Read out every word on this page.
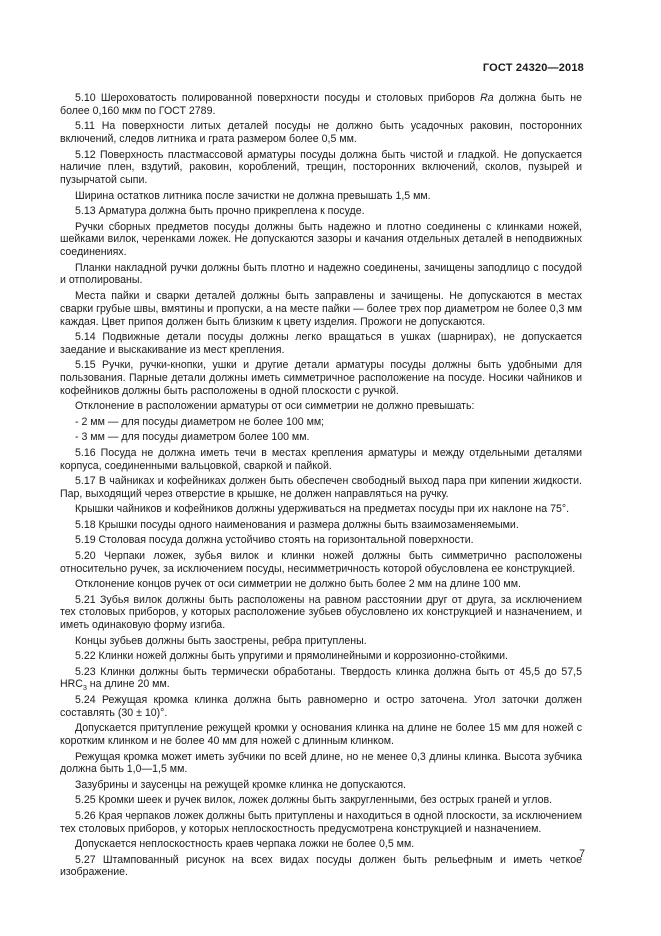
ГОСТ 24320—2018

5.10 Шероховатость полированной поверхности посуды и столовых приборов Ra должна быть не более 0,160 мкм по ГОСТ 2789.

5.11 На поверхности литых деталей посуды не должно быть усадочных раковин, посторонних включений, следов литника и грата размером более 0,5 мм.

5.12 Поверхность пластмассовой арматуры посуды должна быть чистой и гладкой. Не допускается наличие плен, вздутий, раковин, короблений, трещин, посторонних включений, сколов, пузырей и пузырчатой сыпи.

Ширина остатков литника после зачистки не должна превышать 1,5 мм.

5.13 Арматура должна быть прочно прикреплена к посуде.

Ручки сборных предметов посуды должны быть надежно и плотно соединены с клинками ножей, шейками вилок, черенками ложек. Не допускаются зазоры и качания отдельных деталей в неподвижных соединениях.

Планки накладной ручки должны быть плотно и надежно соединены, зачищены заподлицо с посудой и отполированы.

Места пайки и сварки деталей должны быть заправлены и зачищены. Не допускаются в местах сварки грубые швы, вмятины и пропуски, а на месте пайки — более трех пор диаметром не более 0,3 мм каждая. Цвет припоя должен быть близким к цвету изделия. Прожоги не допускаются.

5.14 Подвижные детали посуды должны легко вращаться в ушках (шарнирах), не допускается заедание и выскакивание из мест крепления.

5.15 Ручки, ручки-кнопки, ушки и другие детали арматуры посуды должны быть удобными для пользования. Парные детали должны иметь симметричное расположение на посуде. Носики чайников и кофейников должны быть расположены в одной плоскости с ручкой.

Отклонение в расположении арматуры от оси симметрии не должно превышать:

- 2 мм — для посуды диаметром не более 100 мм;

- 3 мм — для посуды диаметром более 100 мм.

5.16 Посуда не должна иметь течи в местах крепления арматуры и между отдельными деталями корпуса, соединенными вальцовкой, сваркой и пайкой.

5.17 В чайниках и кофейниках должен быть обеспечен свободный выход пара при кипении жидкости. Пар, выходящий через отверстие в крышке, не должен направляться на ручку.

Крышки чайников и кофейников должны удерживаться на предметах посуды при их наклоне на 75°.

5.18 Крышки посуды одного наименования и размера должны быть взаимозаменяемыми.

5.19 Столовая посуда должна устойчиво стоять на горизонтальной поверхности.

5.20 Черпаки ложек, зубья вилок и клинки ножей должны быть симметрично расположены относительно ручек, за исключением посуды, несимметричность которой обусловлена ее конструкцией.

Отклонение концов ручек от оси симметрии не должно быть более 2 мм на длине 100 мм.

5.21 Зубья вилок должны быть расположены на равном расстоянии друг от друга, за исключением тех столовых приборов, у которых расположение зубьев обусловлено их конструкцией и назначением, и иметь одинаковую форму изгиба.

Концы зубьев должны быть заострены, ребра притуплены.

5.22 Клинки ножей должны быть упругими и прямолинейными и коррозионно-стойкими.

5.23 Клинки должны быть термически обработаны. Твердость клинка должна быть от 45,5 до 57,5 $HRC_3$ на длине 20 мм.

5.24 Режущая кромка клинка должна быть равномерно и остро заточена. Угол заточки должен составлять (30 ± 10)°.

Допускается притупление режущей кромки у основания клинка на длине не более 15 мм для ножей с коротким клинком и не более 40 мм для ножей с длинным клинком.

Режущая кромка может иметь зубчики по всей длине, но не менее 0,3 длины клинка. Высота зубчика должна быть 1,0—1,5 мм.

Зазубрины и заусенцы на режущей кромке клинка не допускаются.

5.25 Кромки шеек и ручек вилок, ложек должны быть закругленными, без острых граней и углов.

5.26 Края черпаков ложек должны быть притуплены и находиться в одной плоскости, за исключением тех столовых приборов, у которых неплоскостность предусмотрена конструкцией и назначением.

Допускается неплоскостность краев черпака ложки не более 0,5 мм.

5.27 Штампованный рисунок на всех видах посуды должен быть рельефным и иметь четкое изображение.

7
